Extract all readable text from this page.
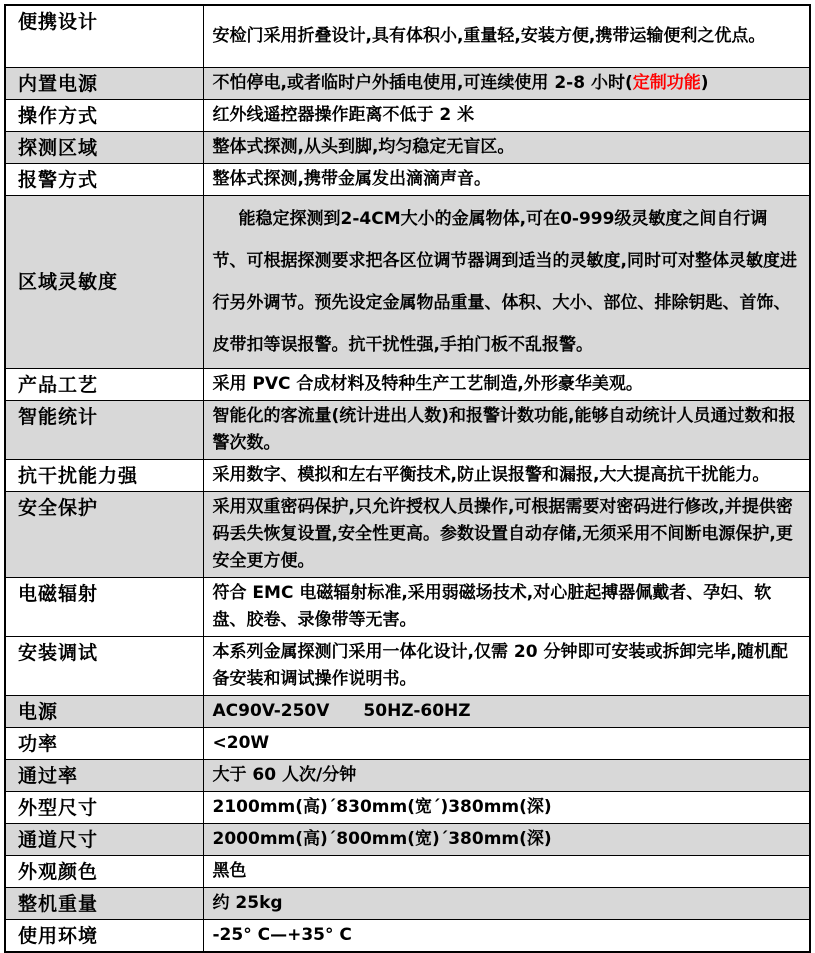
便携设计	安检门采用折叠设计,具有体积小,重量轻,安装方便,携带运输便利之优点。
内置电源	不怕停电,或者临时户外插电使用,可连续使用 2-8 小时(定制功能)
操作方式	红外线遥控器操作距离不低于 2 米
探测区域	整体式探测,从头到脚,均匀稳定无盲区。
报警方式	整体式探测,携带金属发出滴滴声音。
区域灵敏度	能稳定探测到2-4CM大小的金属物体,可在0-999级灵敏度之间自行调节、可根据探测要求把各区位调节器调到适当的灵敏度,同时可对整体灵敏度进行另外调节。预先设定金属物品重量、体积、大小、部位、排除钥匙、首饰、皮带扣等误报警。抗干扰性强,手拍门板不乱报警。
产品工艺	采用 PVC 合成材料及特种生产工艺制造,外形豪华美观。
智能统计	智能化的客流量(统计进出人数)和报警计数功能,能够自动统计人员通过数和报警次数。
抗干扰能力强	采用数字、模拟和左右平衡技术,防止误报警和漏报,大大提高抗干扰能力。
安全保护	采用双重密码保护,只允许授权人员操作,可根据需要对密码进行修改,并提供密码丢失恢复设置,安全性更高。参数设置自动存储,无须采用不间断电源保护,更安全更方便。
电磁辐射	符合 EMC 电磁辐射标准,采用弱磁场技术,对心脏起搏器佩戴者、孕妇、软盘、胶卷、录像带等无害。
安装调试	本系列金属探测门采用一体化设计,仅需 20 分钟即可安装或拆卸完毕,随机配备安装和调试操作说明书。
电源	AC90V-250V  50HZ-60HZ
功率	<20W
通过率	大于 60 人次/分钟
外型尺寸	2100mm(高)´830mm(宽´)380mm(深)
通道尺寸	2000mm(高)´800mm(宽)´380mm(深)
外观颜色	黑色
整机重量	约 25kg
使用环境	-25° C—+35° C
